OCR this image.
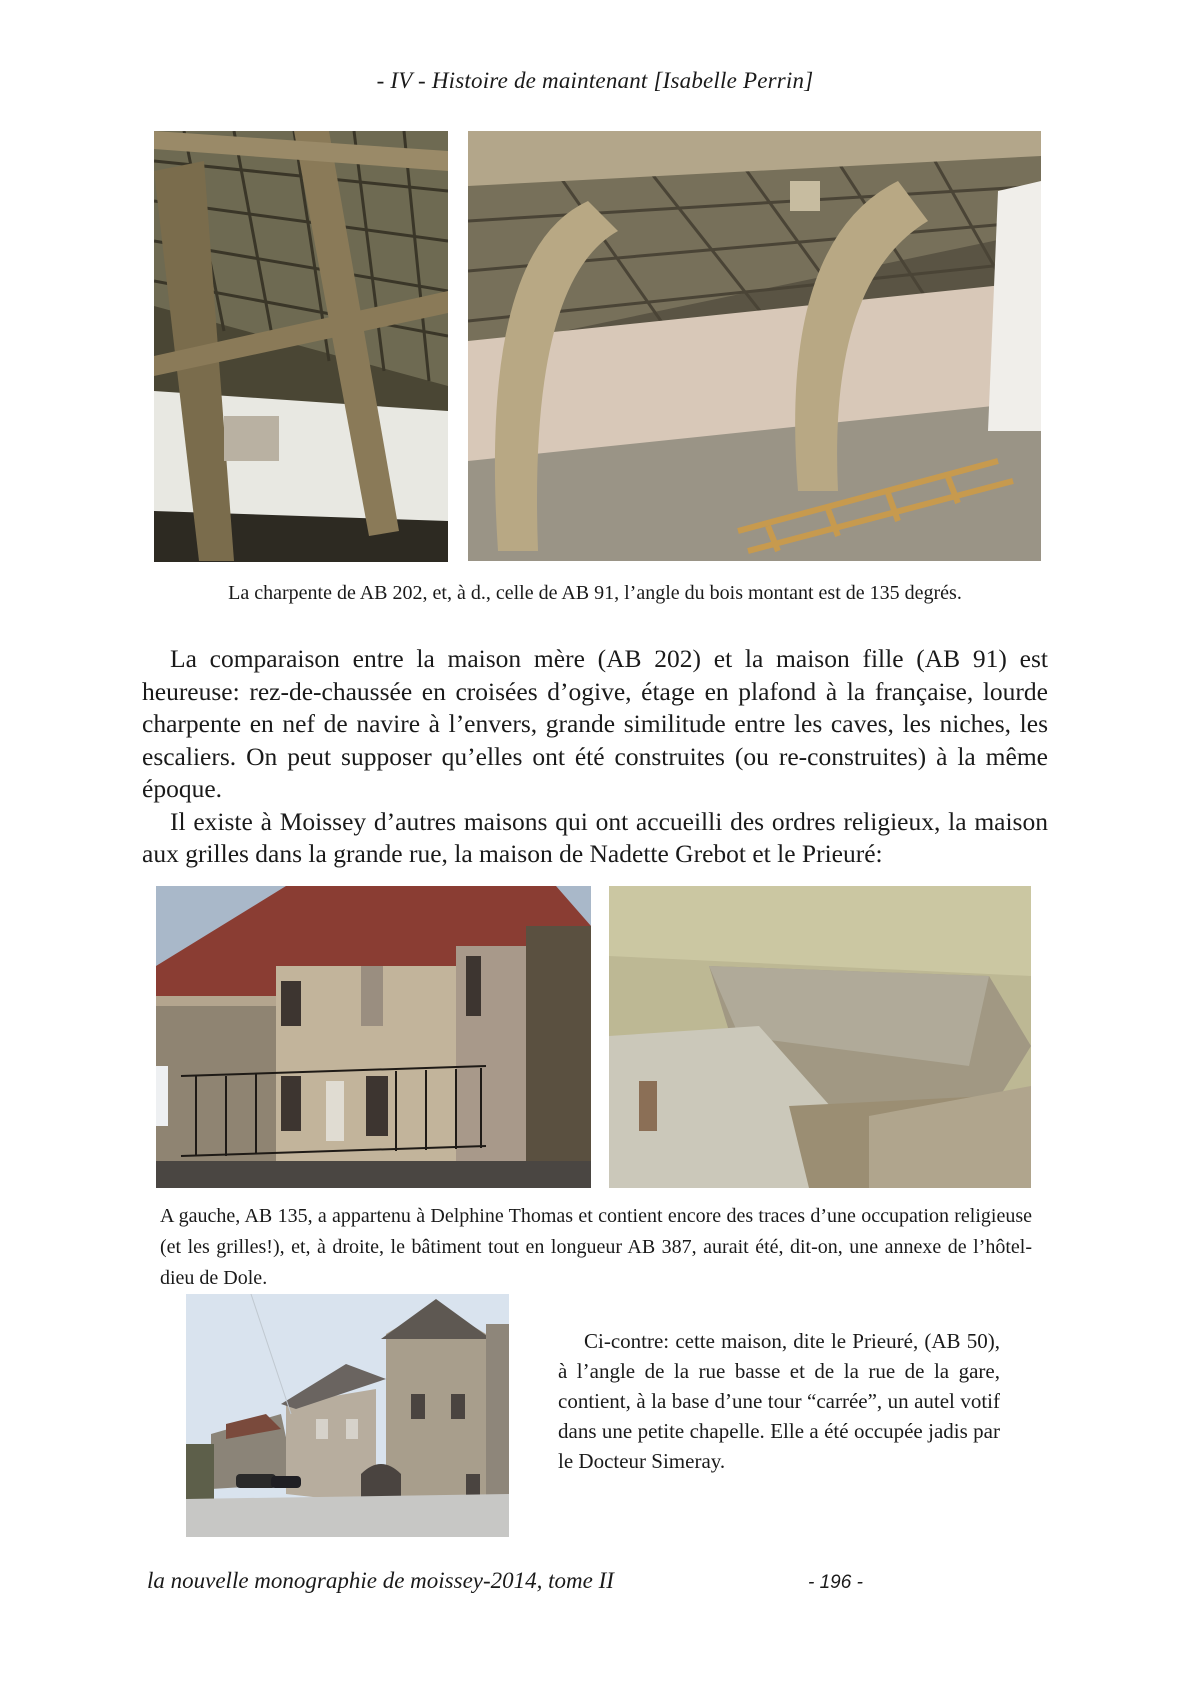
- IV - Histoire de maintenant [Isabelle Perrin]
La charpente de AB 202, et, à d., celle de AB 91, l’angle du bois montant est de 135 degrés.

La comparaison entre la maison mère (AB 202) et la maison fille (AB 91) est heureuse: rez-de-chaussée en croisées d’ogive, étage en plafond à la française, lourde charpente en nef de navire à l’envers, grande similitude entre les caves, les niches, les escaliers. On peut supposer qu’elles ont été construites (ou re-construites) à la même époque.

Il existe à Moissey d’autres maisons qui ont accueilli des ordres religieux, la maison aux grilles dans la grande rue, la maison de Nadette Grebot et le Prieuré:

A gauche, AB 135, a appartenu à Delphine Thomas et contient encore des traces d’une occupation religieuse (et les grilles!), et, à droite, le bâtiment tout en longueur AB 387, aurait été, dit-on, une annexe de l’hôtel-dieu de Dole.
Ci-contre: cette maison, dite le Prieuré, (AB 50), à l’angle de la rue basse et de la rue de la gare, contient, à la base d’une tour “carrée”, un autel votif dans une petite chapelle. Elle a été occupée jadis par le Docteur Simeray.
la nouvelle monographie de moissey-2014, tome II	- 196 -
